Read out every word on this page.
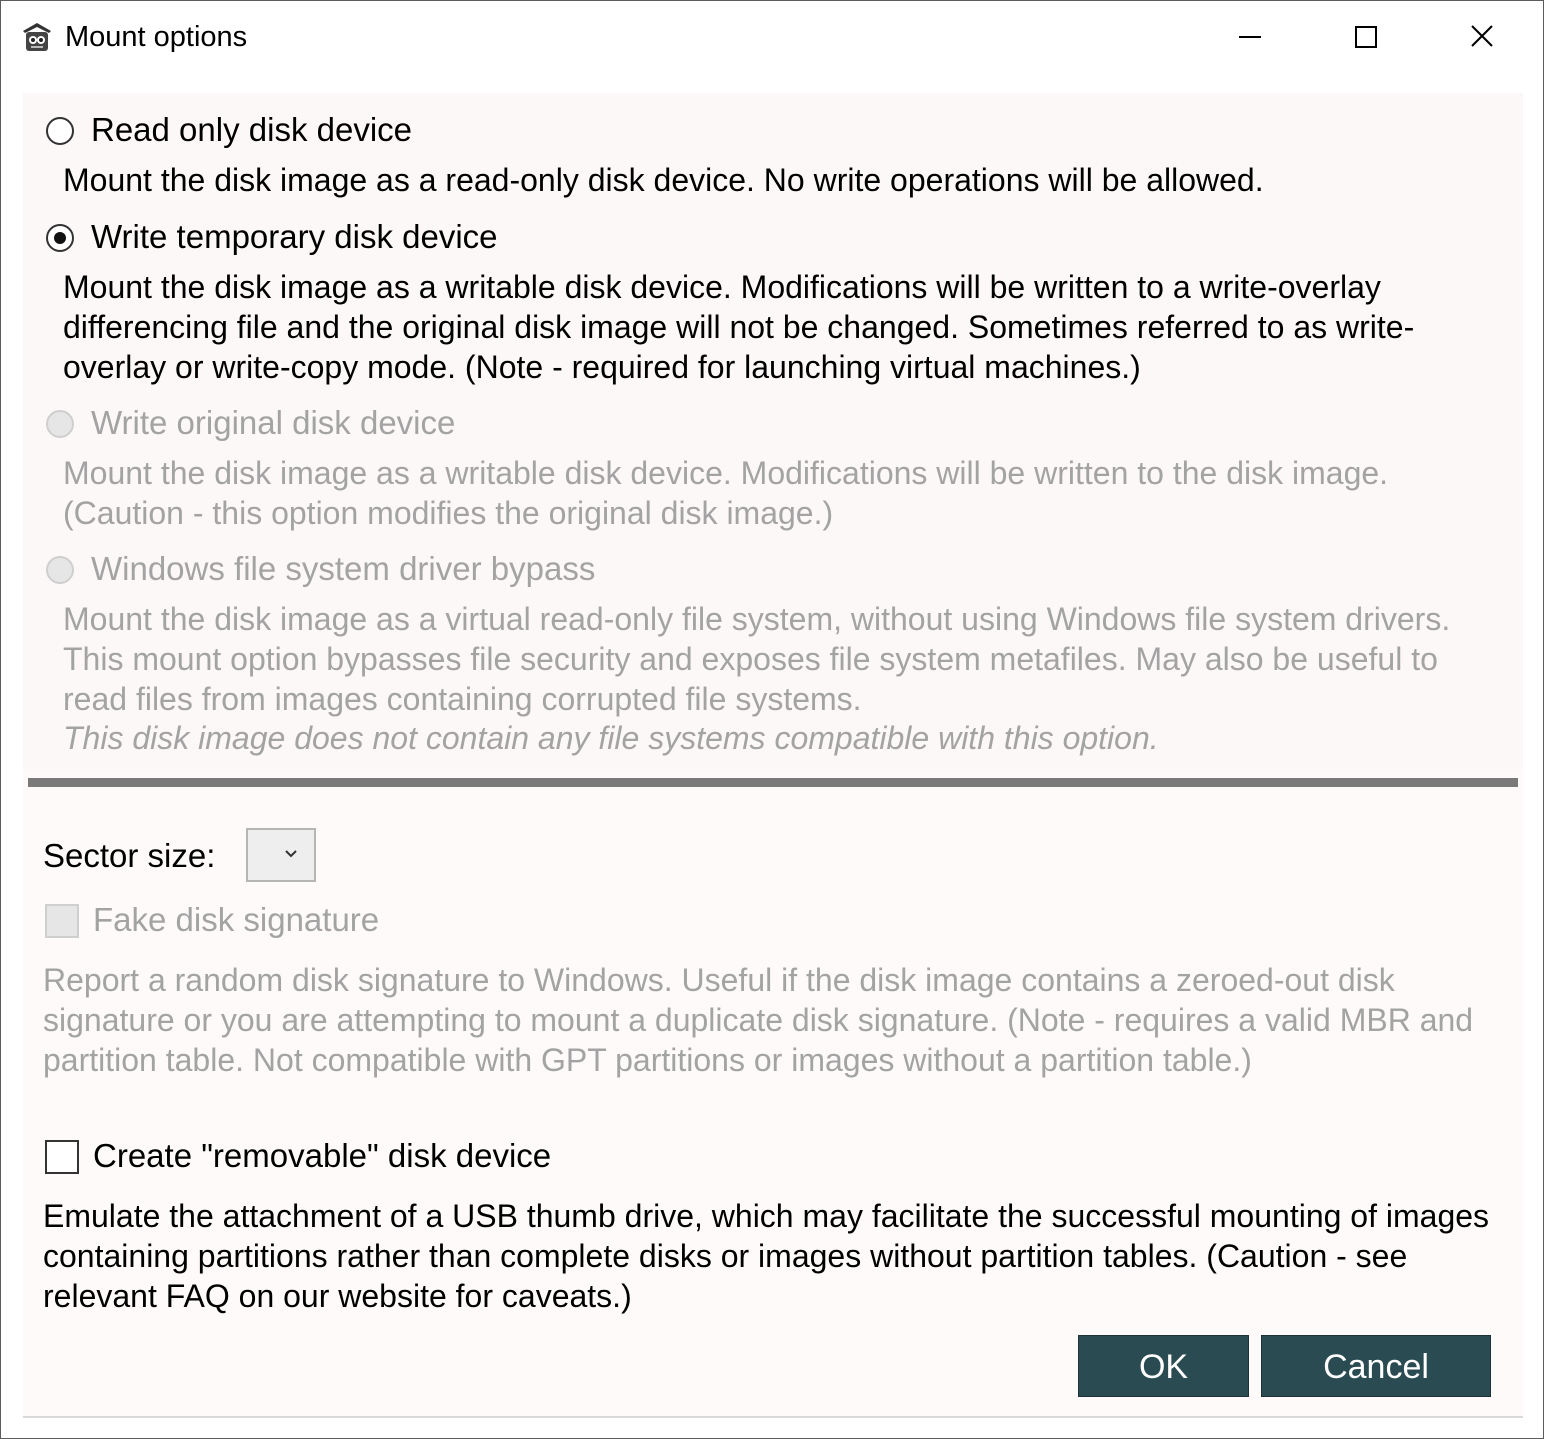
Mount options
Read only disk device
Mount the disk image as a read-only disk device. No write operations will be allowed.
Write temporary disk device
Mount the disk image as a writable disk device. Modifications will be written to a write-overlay differencing file and the original disk image will not be changed. Sometimes referred to as write-overlay or write-copy mode. (Note - required for launching virtual machines.)
Write original disk device
Mount the disk image as a writable disk device. Modifications will be written to the disk image. (Caution - this option modifies the original disk image.)
Windows file system driver bypass
Mount the disk image as a virtual read-only file system, without using Windows file system drivers. This mount option bypasses file security and exposes file system metafiles. May also be useful to read files from images containing corrupted file systems.
This disk image does not contain any file systems compatible with this option.
Sector size:
Fake disk signature
Report a random disk signature to Windows. Useful if the disk image contains a zeroed-out disk signature or you are attempting to mount a duplicate disk signature. (Note - requires a valid MBR and partition table. Not compatible with GPT partitions or images without a partition table.)
Create "removable" disk device
Emulate the attachment of a USB thumb drive, which may facilitate the successful mounting of images containing partitions rather than complete disks or images without partition tables. (Caution - see relevant FAQ on our website for caveats.)
OK	Cancel
